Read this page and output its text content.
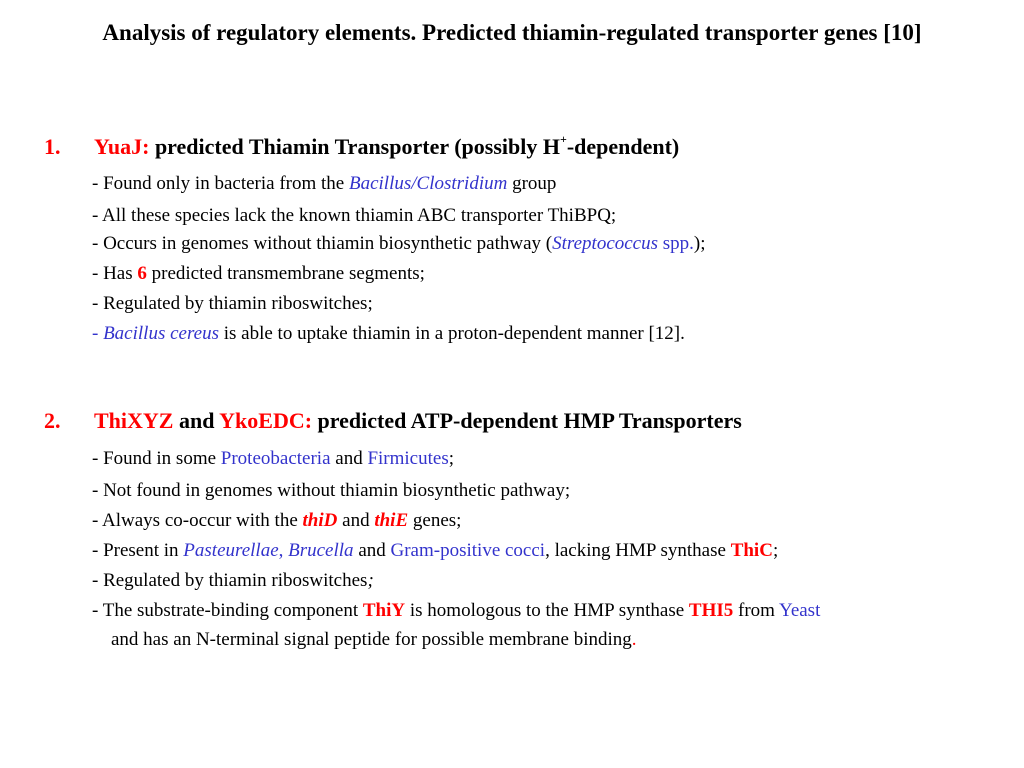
Analysis of regulatory elements. Predicted thiamin-regulated transporter genes [10]
1. YuaJ: predicted Thiamin Transporter (possibly H+-dependent)
- Found only in bacteria from the Bacillus/Clostridium group
- All these species lack the known thiamin ABC transporter ThiBPQ;
- Occurs in genomes without thiamin biosynthetic pathway (Streptococcus spp.);
- Has 6 predicted transmembrane segments;
- Regulated by thiamin riboswitches;
- Bacillus cereus is able to uptake thiamin in a proton-dependent manner [12].
2. ThiXYZ and YkoEDC: predicted ATP-dependent HMP Transporters
- Found in some Proteobacteria and Firmicutes;
- Not found in genomes without thiamin biosynthetic pathway;
- Always co-occur with the thiD and thiE genes;
- Present in Pasteurellae, Brucella and Gram-positive cocci, lacking HMP synthase ThiC;
- Regulated by thiamin riboswitches;
- The substrate-binding component ThiY is homologous to the HMP synthase THI5 from Yeast
and has an N-terminal signal peptide for possible membrane binding.
